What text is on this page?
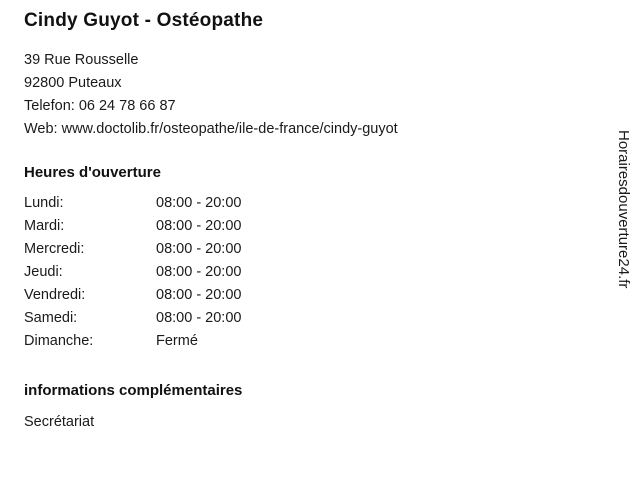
Cindy Guyot - Ostéopathe

39 Rue Rousselle

92800 Puteaux

Telefon: 06 24 78 66 87

Web: www.doctolib.fr/osteopathe/ile-de-france/cindy-guyot

Heures d'ouverture
Lundi:	08:00 - 20:00
Mardi:	08:00 - 20:00
Mercredi:	08:00 - 20:00
Jeudi:	08:00 - 20:00
Vendredi:	08:00 - 20:00
Samedi:	08:00 - 20:00
Dimanche:	Fermé
informations complémentaires

Secrétariat

Horairesdouverture24.fr
